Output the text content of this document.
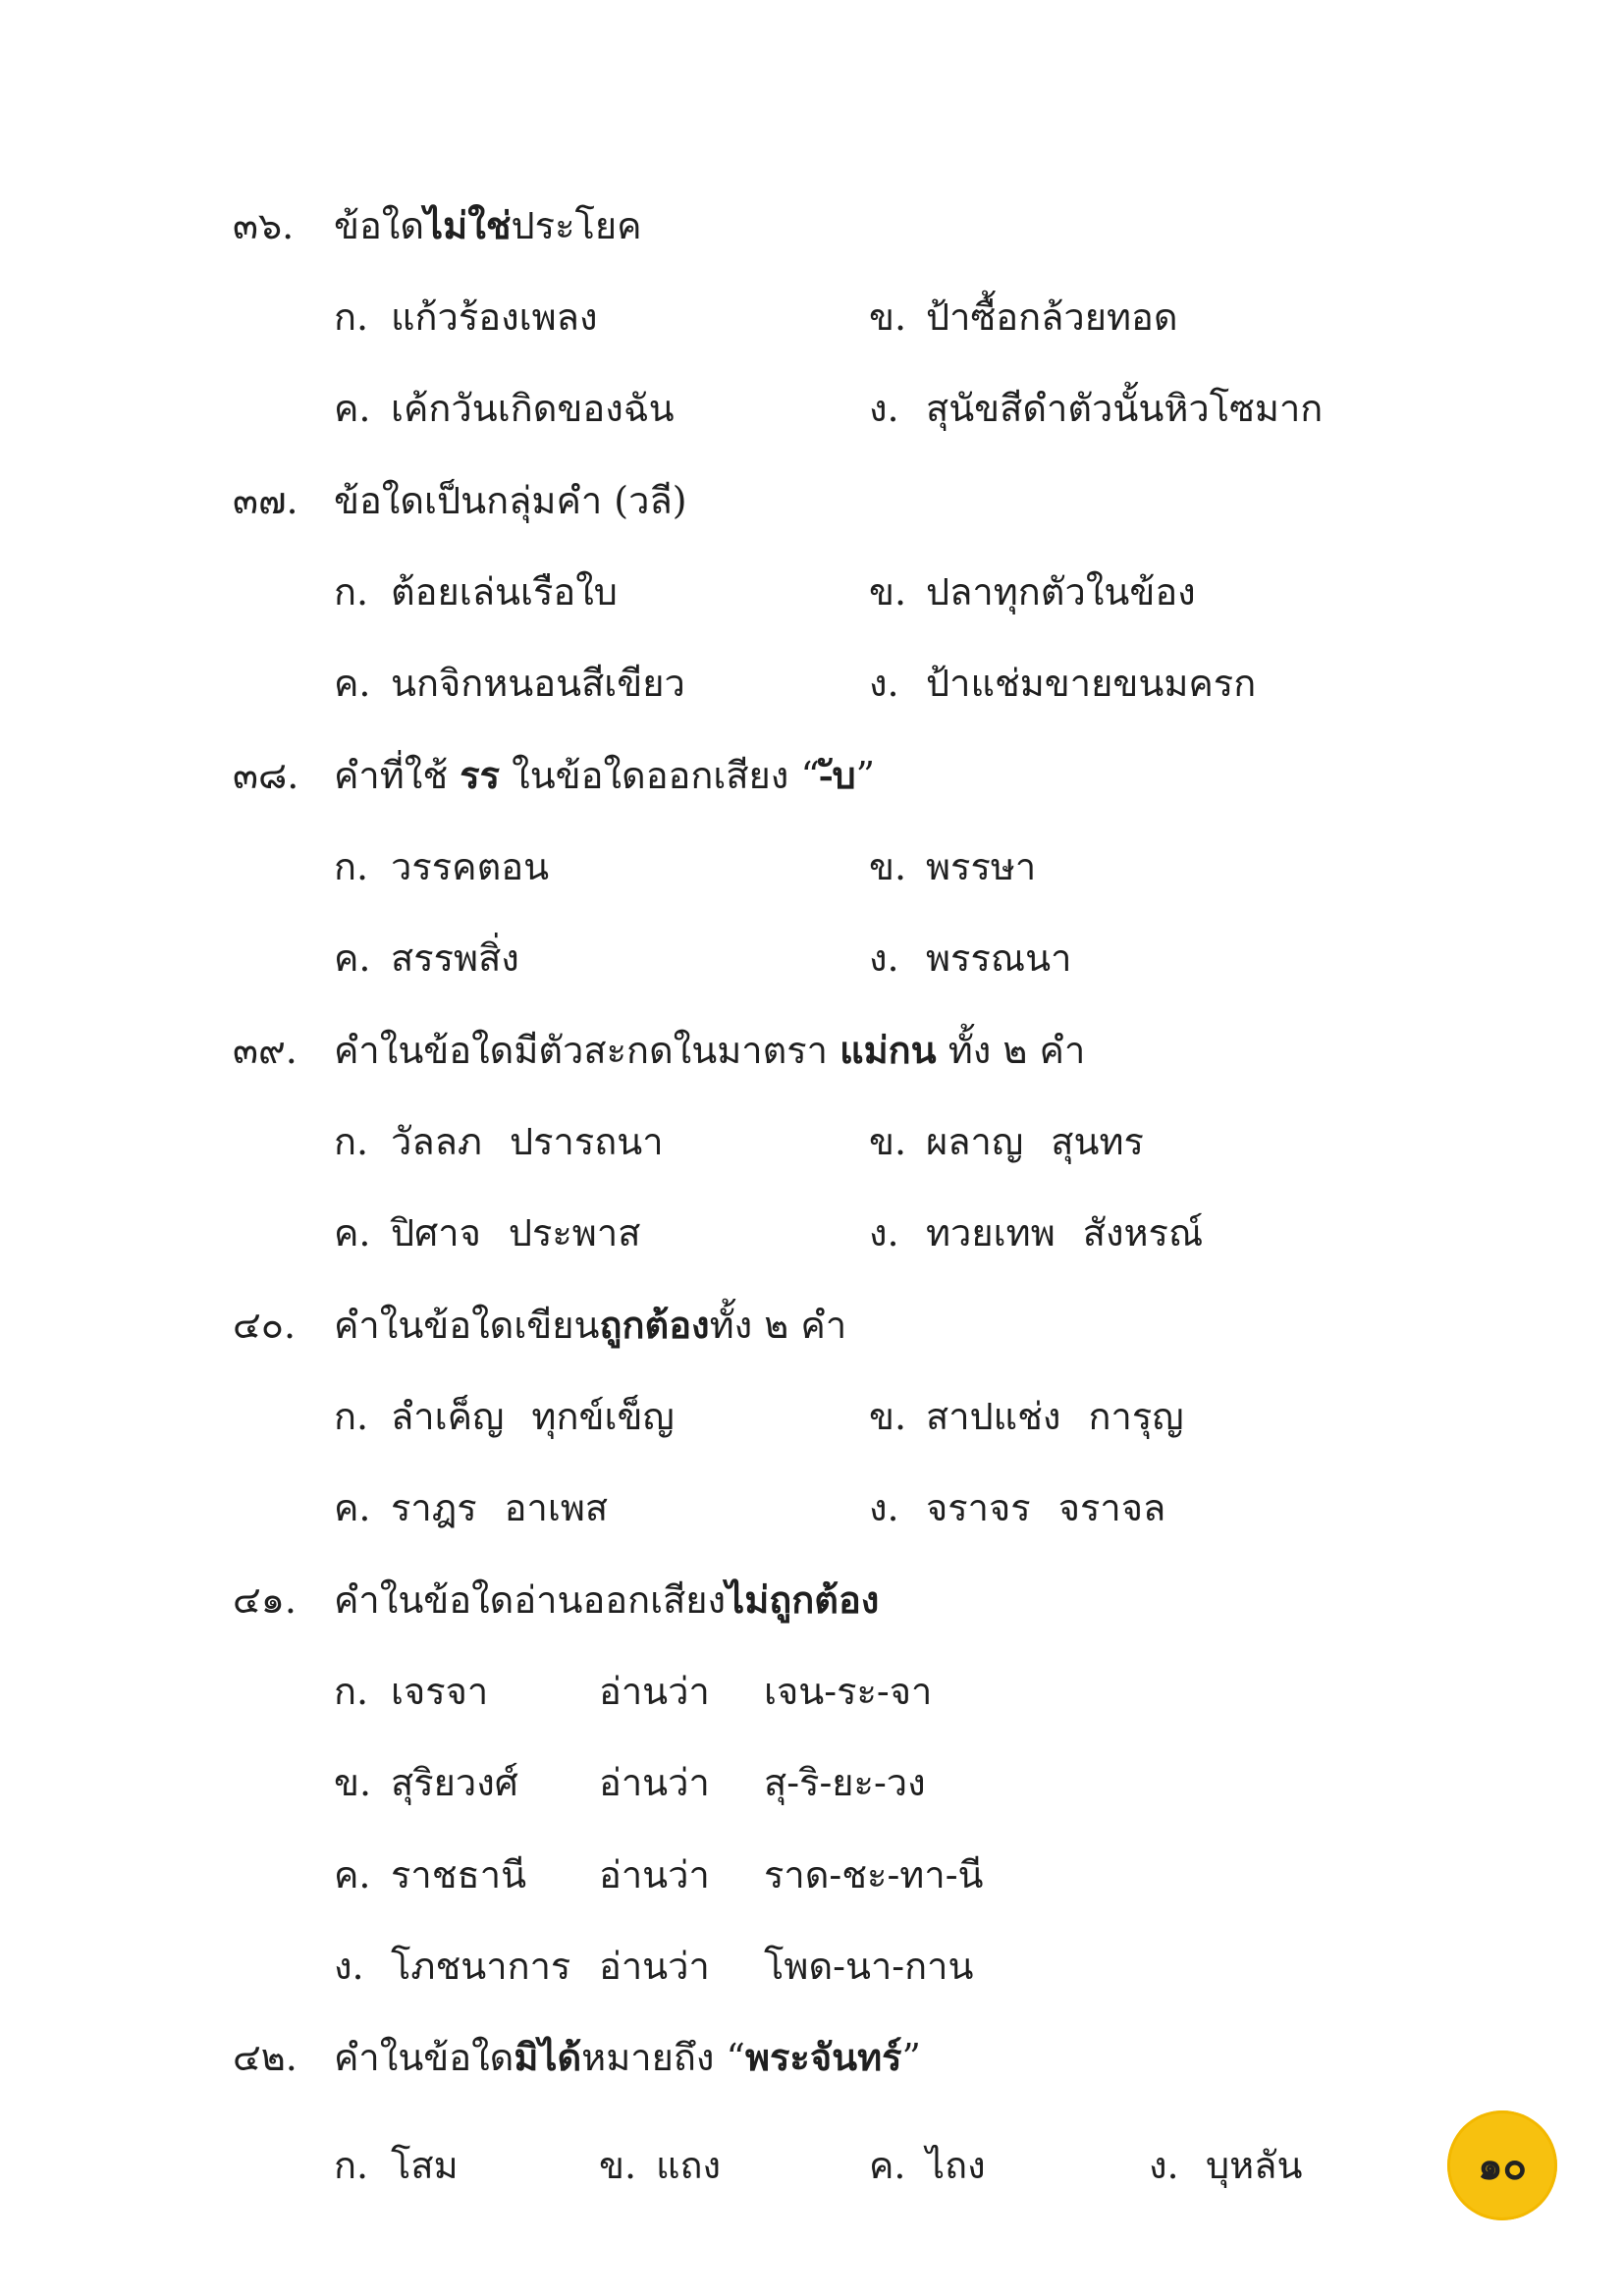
๓๖.	ข้อใดไม่ใช่ประโยค
ก. แก้วร้องเพลง	ข. ป้าซื้อกล้วยทอด
ค. เค้กวันเกิดของฉัน	ง. สุนัขสีดำตัวนั้นหิวโซมาก
๓๗. ข้อใดเป็นกลุ่มคำ (วลี)
ก. ต้อยเล่นเรือใบ	ข. ปลาทุกตัวในข้อง
ค. นกจิกหนอนสีเขียว	ง. ป้าแช่มขายขนมครก
๓๘. คำที่ใช้ รร ในข้อใดออกเสียง “-ับ”
ก. วรรคตอน	ข. พรรษา
ค. สรรพสิ่ง	ง. พรรณนา
๓๙. คำในข้อใดมีตัวสะกดในมาตรา แม่กน ทั้ง ๒ คำ
ก. วัลลภ ปรารถนา	ข. ผลาญ สุนทร
ค. ปิศาจ ประพาส	ง. ทวยเทพ สังหรณ์
๔๐.	คำในข้อใดเขียนถูกต้องทั้ง ๒ คำ
ก. ลำเค็ญ ทุกข์เข็ญ	ข. สาปแช่ง การุญ
ค. ราฎร อาเพส	ง. จราจร จราจล
๔๑.	คำในข้อใดอ่านออกเสียงไม่ถูกต้อง
ก. เจรจา	อ่านว่า เจน-ระ-จา
ข. สุริยวงศ์ อ่านว่า สุ-ริ-ยะ-วง
ค. ราชธานี อ่านว่า ราด-ชะ-ทา-นี
ง. โภชนาการ อ่านว่า โพด-นา-กาน
๔๒. คำในข้อใดมิได้หมายถึง “พระจันทร์”
ก. โสม	ข. แถง	ค. ไถง	ง. บุหลัน	๑๐
